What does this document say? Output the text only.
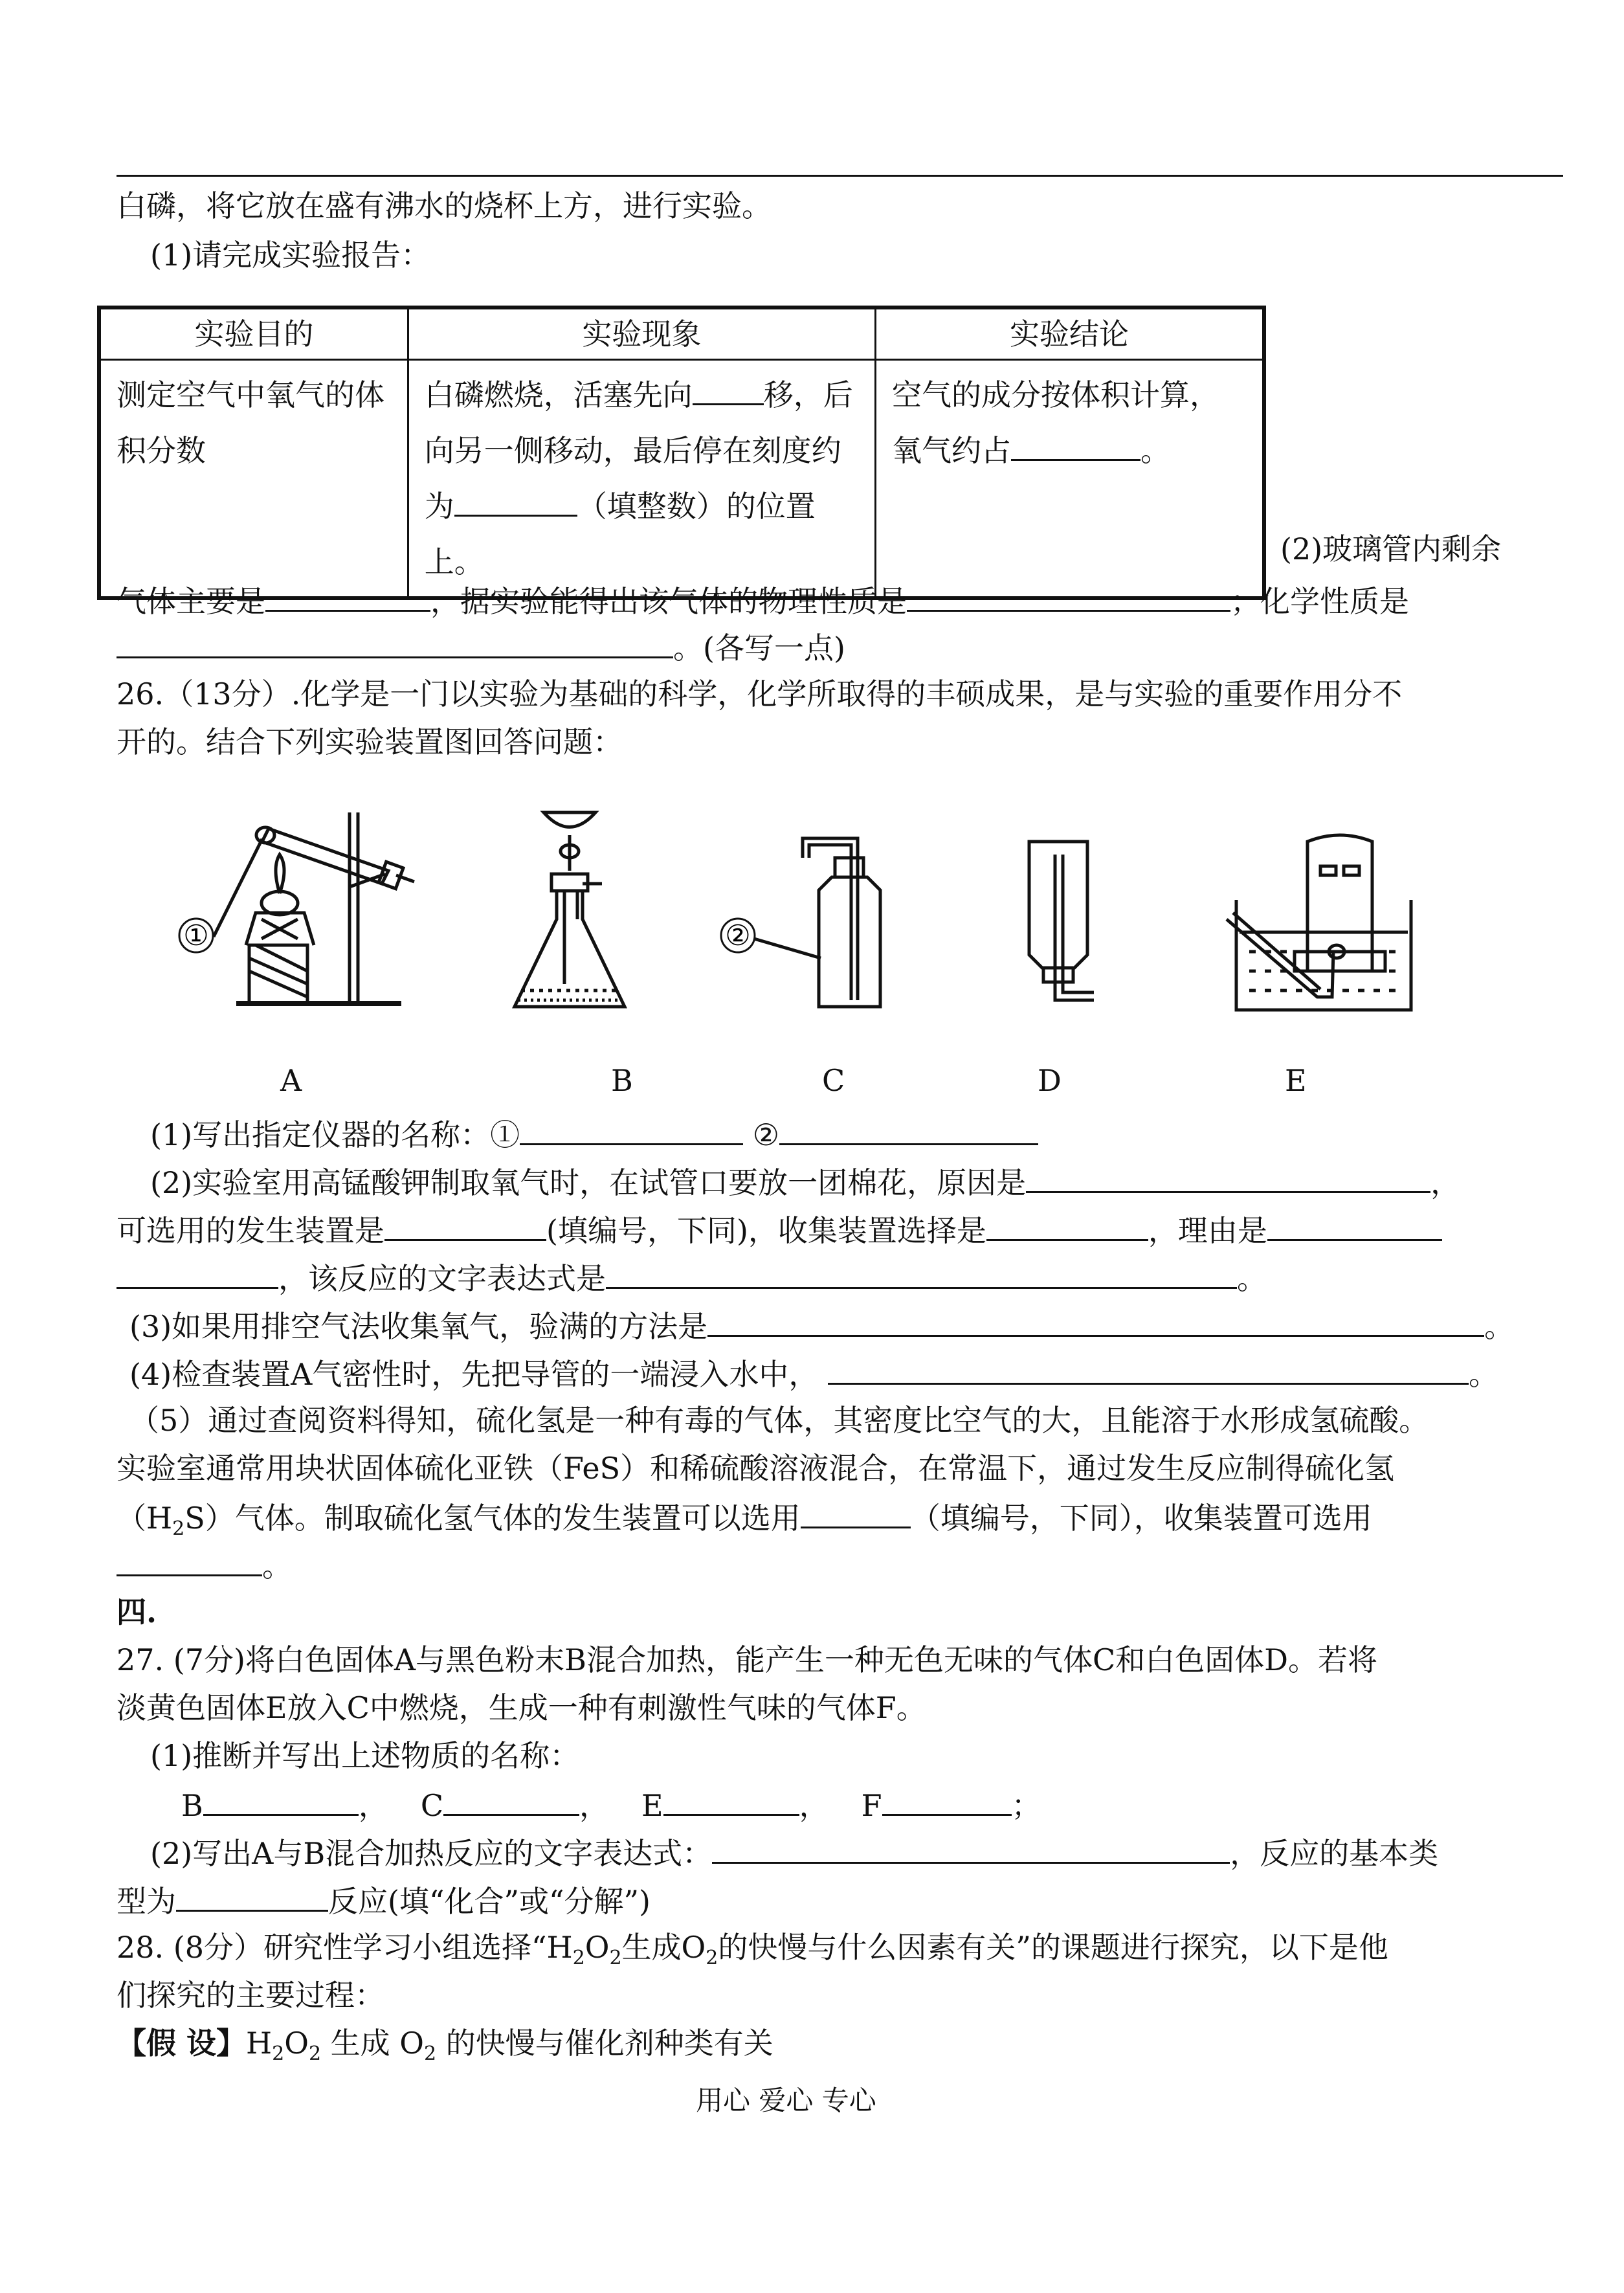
白磷，将它放在盛有沸水的烧杯上方，进行实验。
(1)请完成实验报告：
实验目的	实验现象	实验结论
测定空气中氧气的体积分数	白磷燃烧，活塞先向 移，后向另一侧移动，最后停在刻度约为 （填整数）的位置上。	空气的成分按体积计算，氧气约占 。
(2)玻璃管内剩余
气体主要是	，据实验能得出该气体的物理性质是	；化学性质是
。(各写一点)
26.（13分）.化学是一门以实验为基础的科学，化学所取得的丰硕成果，是与实验的重要作用分不
开的。结合下列实验装置图回答问题：
①	②
A	B	C	D	E
(1)写出指定仪器的名称：①	②
(2)实验室用高锰酸钾制取氧气时，在试管口要放一团棉花，原因是	，
可选用的发生装置是	(填编号，下同)，收集装置选择是	，理由是
，该反应的文字表达式是	。
(3)如果用排空气法收集氧气，验满的方法是	。
(4)检查装置A气密性时，先把导管的一端浸入水中，	。
（5）通过查阅资料得知，硫化氢是一种有毒的气体，其密度比空气的大，且能溶于水形成氢硫酸。
实验室通常用块状固体硫化亚铁（FeS）和稀硫酸溶液混合，在常温下，通过发生反应制得硫化氢
$(H_2S)$气体。制取硫化氢气体的发生装置可以选用	（填编号，下同），收集装置可选用
。
四.
27. (7分)将白色固体A与黑色粉末B混合加热，能产生一种无色无味的气体C和白色固体D。若将
淡黄色固体E放入C中燃烧，生成一种有刺激性气味的气体F。
(1)推断并写出上述物质的名称：
B	， C	， E	， F	；
(2)写出A与B混合加热反应的文字表达式：	，反应的基本类
型为	反应(填“化合”或“分解”)
28. (8分）研究性学习小组选择“$H_2O_2$生成$O_2$的快慢与什么因素有关”的课题进行探究，以下是他
们探究的主要过程：
【假 设】$H_2O_2$ 生成 $O_2$ 的快慢与催化剂种类有关
用心 爱心 专心
